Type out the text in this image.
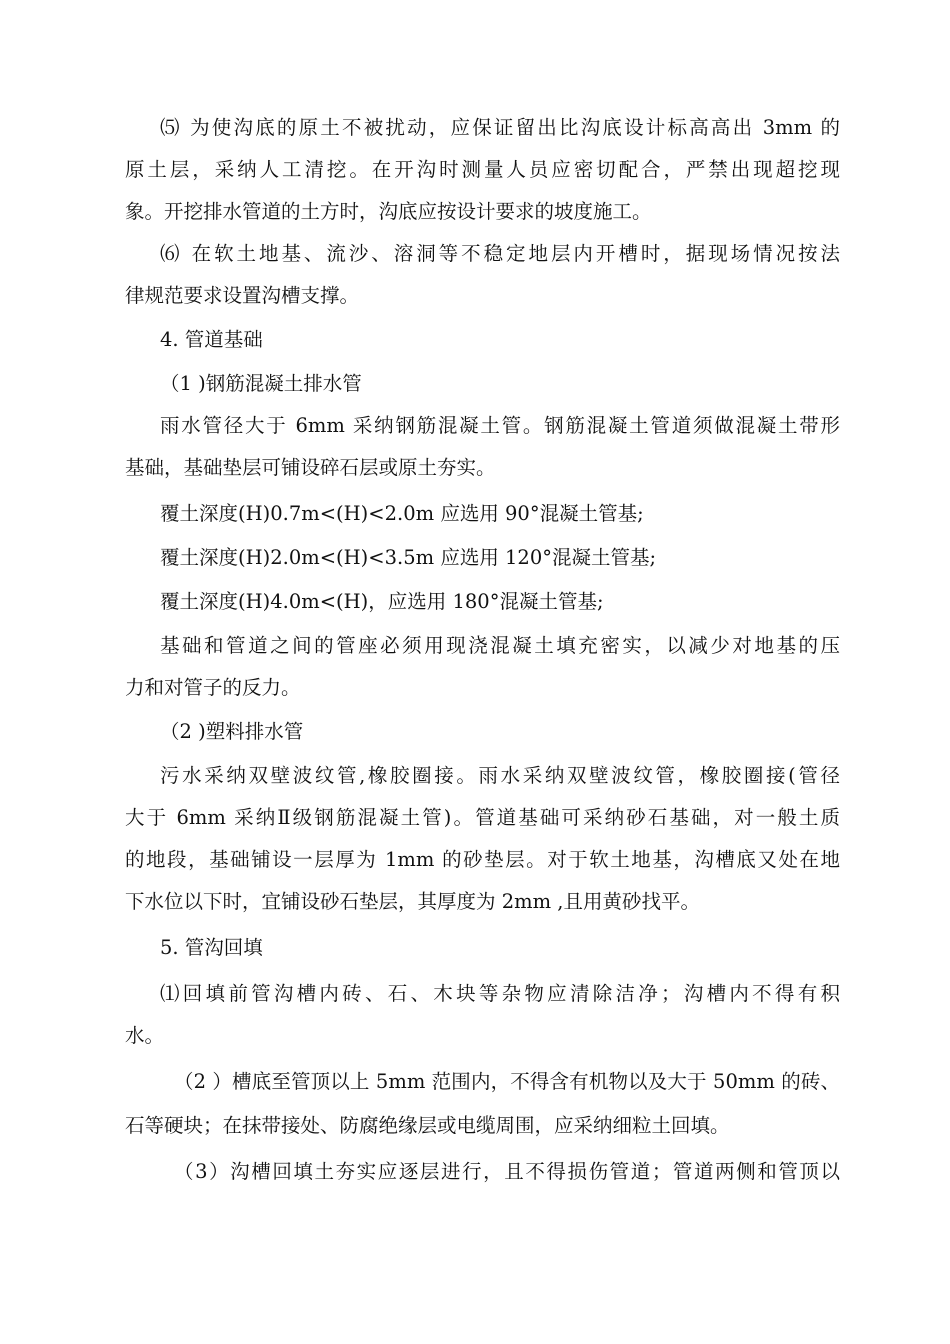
⑸ 为使沟底的原土不被扰动，应保证留出比沟底设计标高高出 3mm 的
原土层，采纳人工清挖。在开沟时测量人员应密切配合，严禁出现超挖现
象。开挖排水管道的土方时，沟底应按设计要求的坡度施工。
⑹ 在软土地基、流沙、溶洞等不稳定地层内开槽时，据现场情况按法
律规范要求设置沟槽支撑。
4. 管道基础
（1 )钢筋混凝土排水管
雨水管径大于 6mm 采纳钢筋混凝土管。钢筋混凝土管道须做混凝土带形
基础，基础垫层可铺设碎石层或原土夯实。
覆土深度(H)0.7m<(H)<2.0m 应选用 90°混凝土管基;
覆土深度(H)2.0m<(H)<3.5m 应选用 120°混凝土管基;
覆土深度(H)4.0m<(H)，应选用 180°混凝土管基;
基础和管道之间的管座必须用现浇混凝土填充密实，以减少对地基的压
力和对管子的反力。
（2 )塑料排水管
污水采纳双壁波纹管,橡胶圈接。雨水采纳双壁波纹管，橡胶圈接(管径
大于 6mm 采纳Ⅱ级钢筋混凝土管)。管道基础可采纳砂石基础，对一般土质
的地段，基础铺设一层厚为 1mm 的砂垫层。对于软土地基，沟槽底又处在地
下水位以下时，宜铺设砂石垫层，其厚度为 2mm ,且用黄砂找平。
5. 管沟回填
⑴回填前管沟槽内砖、石、木块等杂物应清除洁净；沟槽内不得有积
水。
（2 ）槽底至管顶以上 5mm 范围内，不得含有机物以及大于 50mm 的砖、
石等硬块；在抹带接处、防腐绝缘层或电缆周围，应采纳细粒土回填。
（3）沟槽回填土夯实应逐层进行，且不得损伤管道；管道两侧和管顶以
